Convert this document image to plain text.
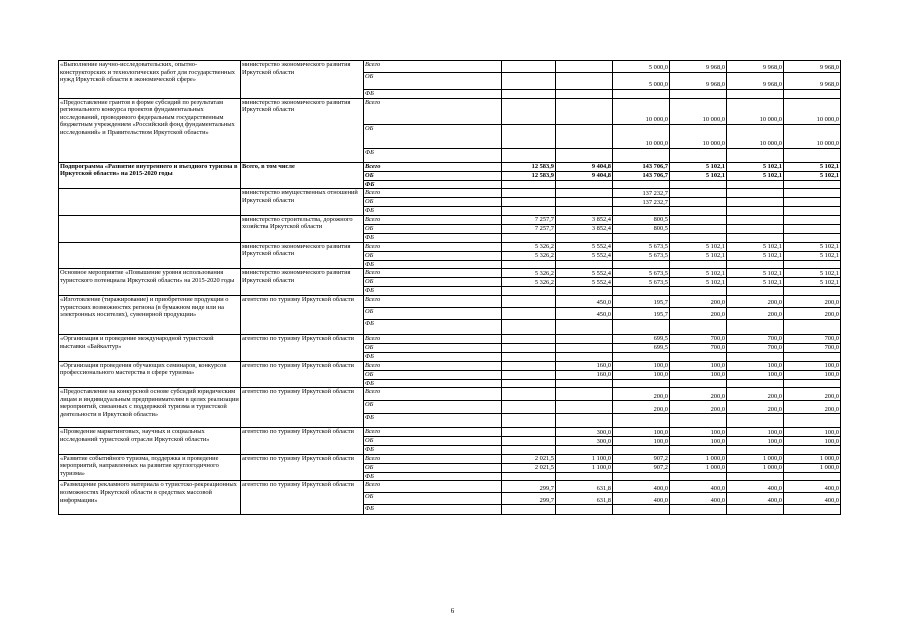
«Выполнение научно-исследовательских, опытно-конструкторских и технологических работ для государственных нужд Иркутской области в экономической сфере»	министерство экономического развития Иркутской области	Всего			5 000,0	9 968,0	9 968,0	9 968,0
		ОБ			5 000,0	9 968,0	9 968,0	9 968,0
		ФБ						
«Предоставление грантов в форме субсидий по результатам регионального конкурса проектов фундаментальных исследований, проводимого федеральным государственным бюджетным учреждением «Российский фонд фундаментальных исследований» и Правительством Иркутской области»	министерство экономического развития Иркутской области	Всего			10 000,0	10 000,0	10 000,0	10 000,0
		ОБ			10 000,0	10 000,0	10 000,0	10 000,0
		ФБ						
Подпрограмма «Развитие внутреннего и въездного туризма в Иркутской области» на 2015-2020 годы	Всего, в том числе	Всего	12 583,9	9 404,8	143 706,7	5 102,1	5 102,1	5 102,1
		ОБ	12 583,9	9 404,8	143 706,7	5 102,1	5 102,1	5 102,1
		ФБ						
	министерство имущественных отношений Иркутской области	Всего			137 232,7			
		ОБ			137 232,7			
		ФБ						
	министерство строительства, дорожного хозяйства Иркутской области	Всего	7 257,7	3 852,4	800,5			
		ОБ	7 257,7	3 852,4	800,5			
		ФБ						
	министерство экономического развития Иркутской области	Всего	5 326,2	5 552,4	5 673,5	5 102,1	5 102,1	5 102,1
		ОБ	5 326,2	5 552,4	5 673,5	5 102,1	5 102,1	5 102,1
		ФБ						
Основное мероприятие «Повышение уровня использования туристского потенциала Иркутской области» на 2015-2020 годы	министерство экономического развития Иркутской области	Всего	5 326,2	5 552,4	5 673,5	5 102,1	5 102,1	5 102,1
		ОБ	5 326,2	5 552,4	5 673,5	5 102,1	5 102,1	5 102,1
		ФБ						
«Изготовление (тиражирование) и приобретение продукции о туристских возможностях региона (в бумажном виде или на электронных носителях), сувенирной продукции»	агентство по туризму Иркутской области	Всего		450,0	195,7	200,0	200,0	200,0
		ОБ		450,0	195,7	200,0	200,0	200,0
		ФБ						
«Организация и проведение международной туристской выставки «Байкалтур»	агентство по туризму Иркутской области	Всего			699,5	700,0	700,0	700,0
		ОБ			699,5	700,0	700,0	700,0
		ФБ						
«Организация проведения обучающих семинаров, конкурсов профессионального мастерства в сфере туризма»	агентство по туризму Иркутской области	Всего		160,0	100,0	100,0	100,0	100,0
		ОБ		160,0	100,0	100,0	100,0	100,0
		ФБ						
«Предоставление на конкурсной основе субсидий юридическим лицам и индивидуальным предпринимателям в целях реализации мероприятий, связанных с поддержкой туризма и туристской деятельности в Иркутской области»	агентство по туризму Иркутской области	Всего			200,0	200,0	200,0	200,0
		ОБ			200,0	200,0	200,0	200,0
		ФБ						
«Проведение маркетинговых, научных и социальных исследований туристской отрасли Иркутской области»	агентство по туризму Иркутской области	Всего		300,0	100,0	100,0	100,0	100,0
		ОБ		300,0	100,0	100,0	100,0	100,0
		ФБ						
«Развитие событийного туризма, поддержка и проведение мероприятий, направленных на развитие круглогодичного туризма»	агентство по туризму Иркутской области	Всего	2 021,5	1 100,0	907,2	1 000,0	1 000,0	1 000,0
		ОБ	2 021,5	1 100,0	907,2	1 000,0	1 000,0	1 000,0
		ФБ						
«Размещение рекламного материала о туристско-рекреационных возможностях Иркутской области в средствах массовой информации»	агентство по туризму Иркутской области	Всего	299,7	631,8	400,0	400,0	400,0	400,0
		ОБ	299,7	631,8	400,0	400,0	400,0	400,0
		ФБ						
6
